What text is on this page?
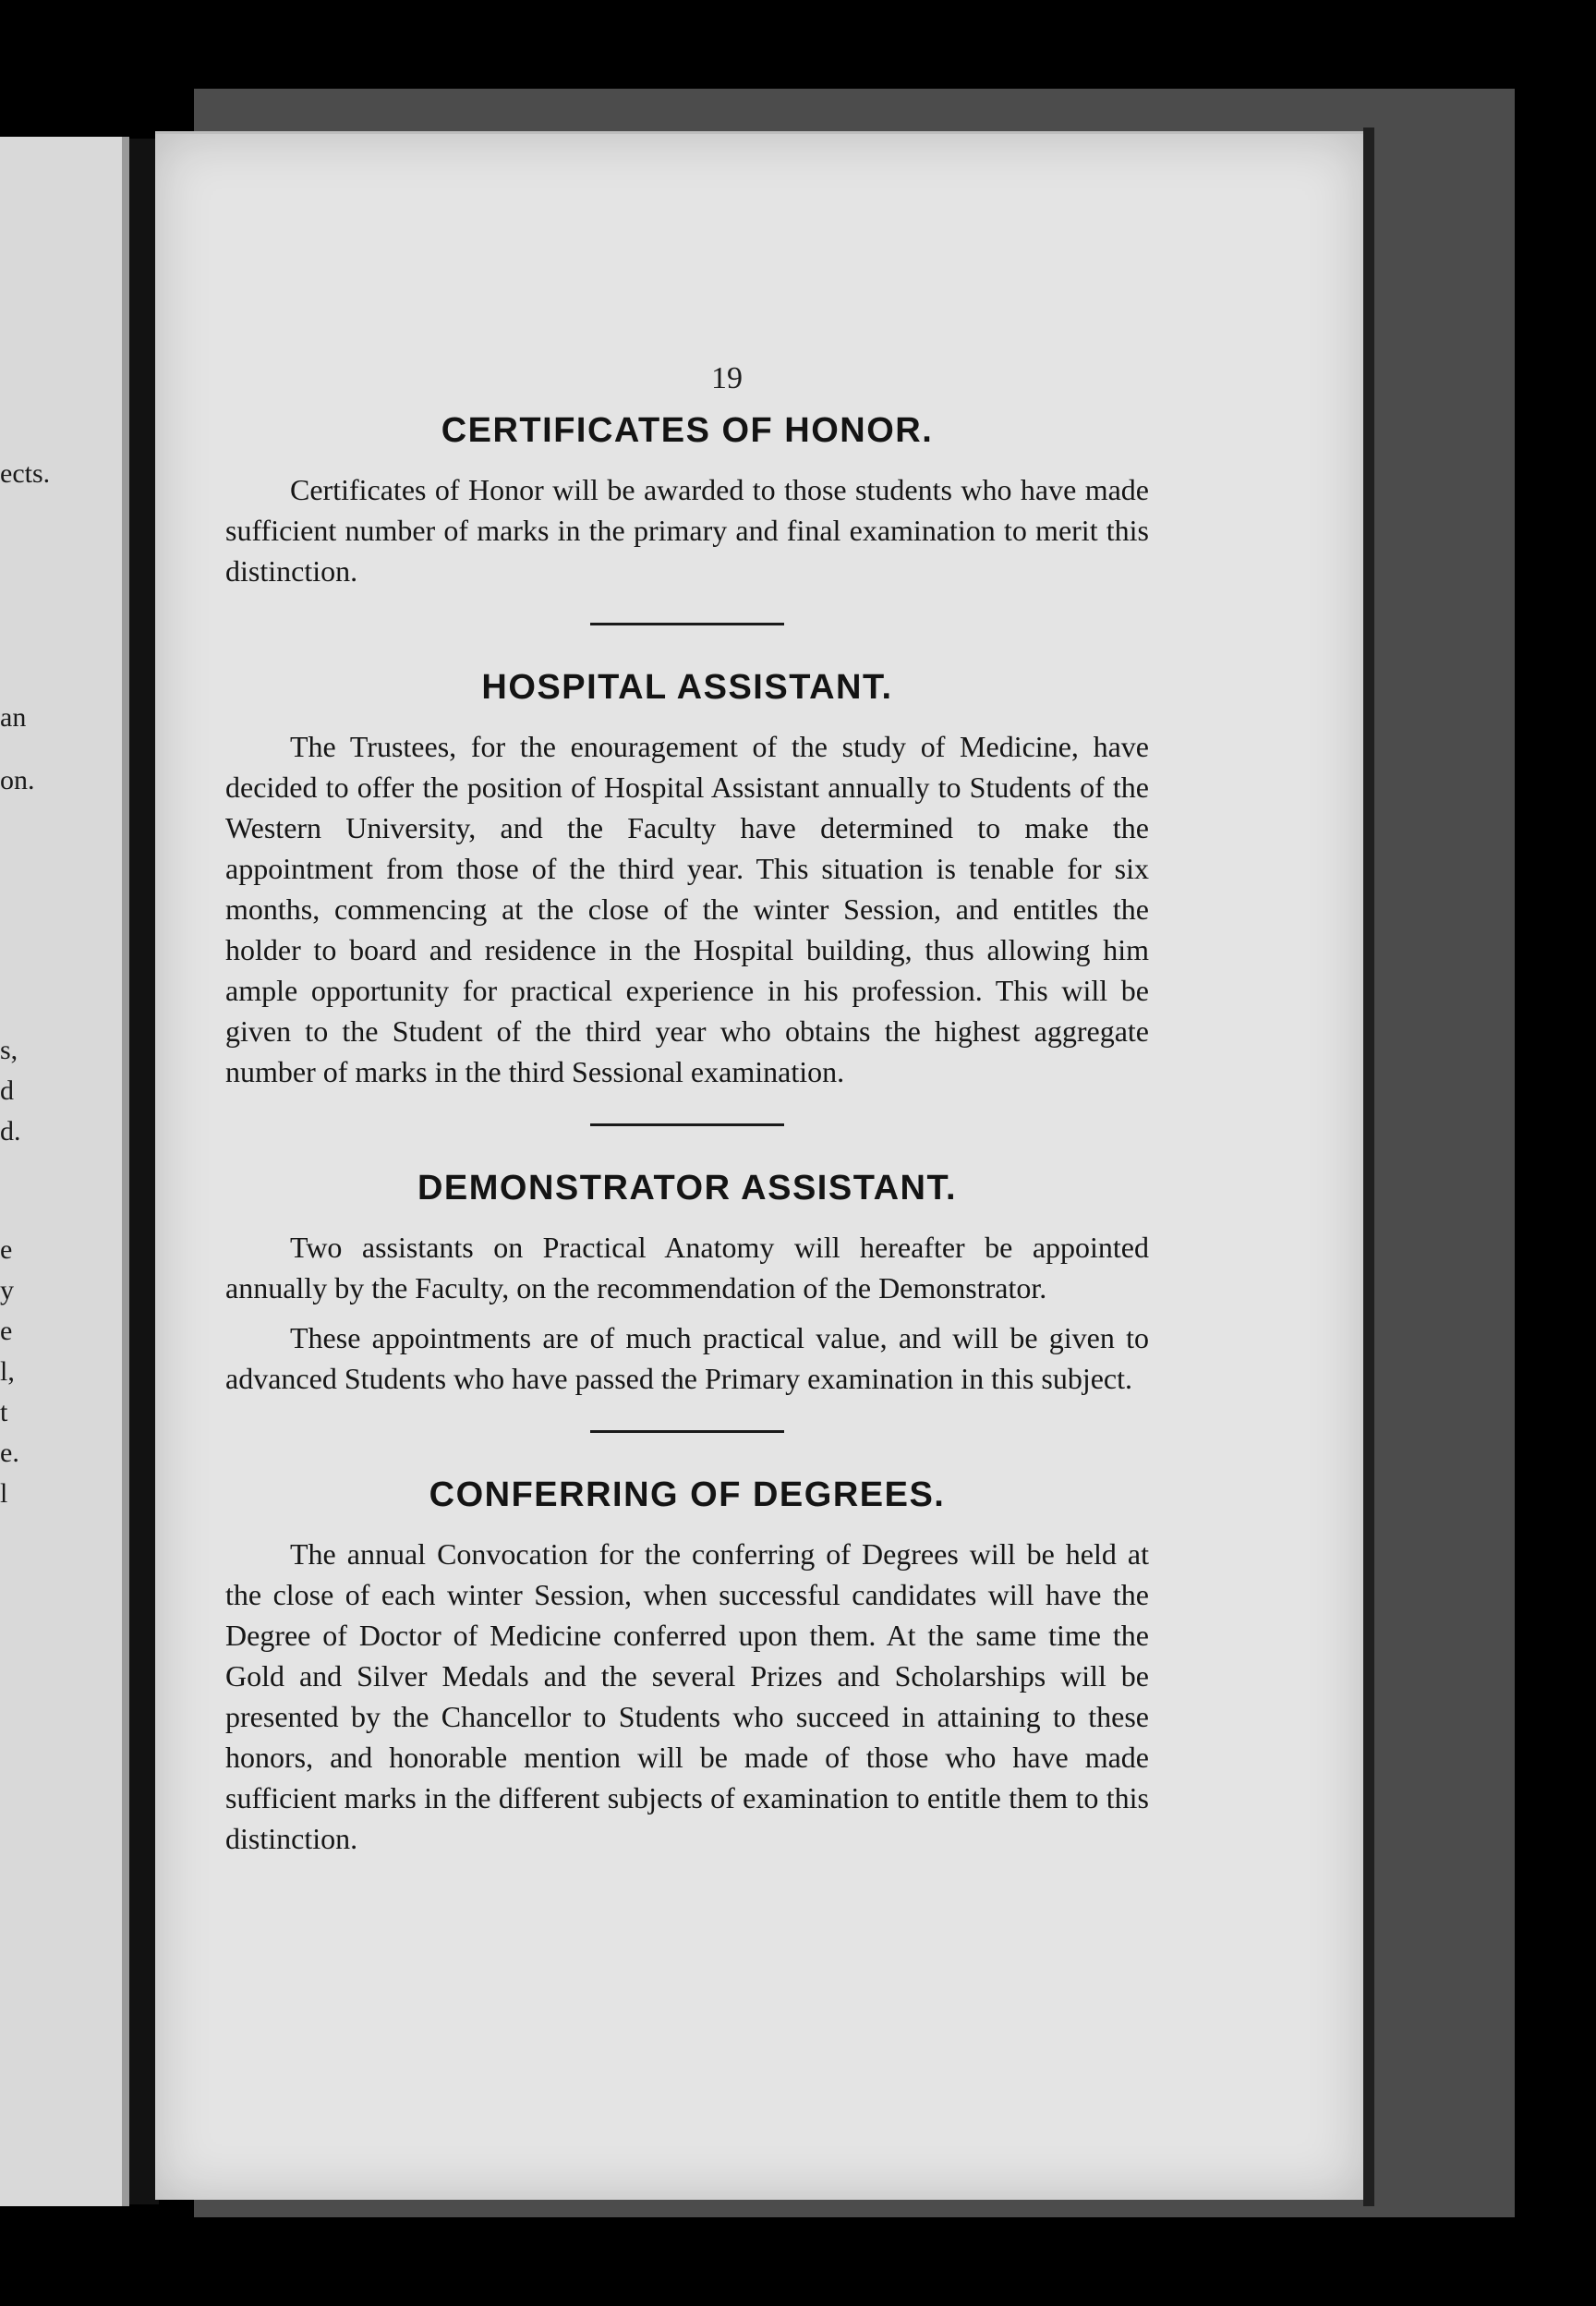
ects.
an
on.
s,
d
d.
e
y
e
l,
t
e.
l
19
CERTIFICATES OF HONOR.

Certificates of Honor will be awarded to those students who have made sufficient number of marks in the primary and final examination to merit this distinction.

HOSPITAL ASSISTANT.

The Trustees, for the enouragement of the study of Medicine, have decided to offer the position of Hospital Assistant annually to Students of the Western University, and the Faculty have determined to make the appointment from those of the third year. This situation is tenable for six months, commencing at the close of the winter Session, and entitles the holder to board and residence in the Hospital building, thus allowing him ample opportunity for practical experience in his profession. This will be given to the Student of the third year who obtains the highest aggregate number of marks in the third Sessional examination.

DEMONSTRATOR ASSISTANT.

Two assistants on Practical Anatomy will hereafter be appointed annually by the Faculty, on the recommendation of the Demonstrator.

These appointments are of much practical value, and will be given to advanced Students who have passed the Primary examination in this subject.

CONFERRING OF DEGREES.

The annual Convocation for the conferring of Degrees will be held at the close of each winter Session, when successful candidates will have the Degree of Doctor of Medicine conferred upon them. At the same time the Gold and Silver Medals and the several Prizes and Scholarships will be presented by the Chancellor to Students who succeed in attaining to these honors, and honorable mention will be made of those who have made sufficient marks in the different subjects of examination to entitle them to this distinction.
